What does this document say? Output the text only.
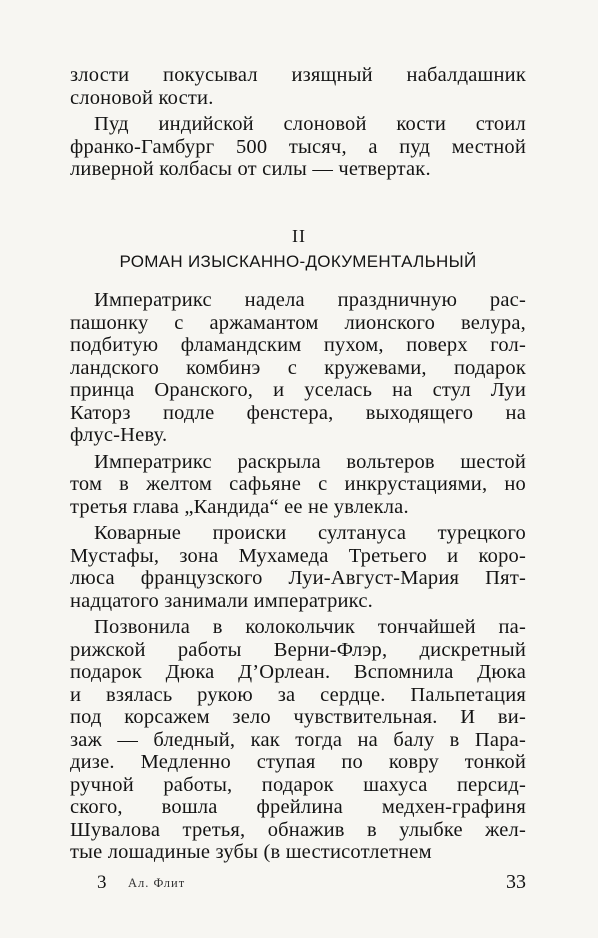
злости покусывал изящный набалдашник
слоновой кости.
Пуд индийской слоновой кости стоил
франко-Гамбург 500 тысяч, а пуд местной
ливерной колбасы от силы — четвертак.
II
РОМАН ИЗЫСКАННО-ДОКУМЕНТАЛЬНЫЙ
Императрикс надела праздничную рас-
пашонку с аржамантом лионского велура,
подбитую фламандским пухом, поверх гол-
ландского комбинэ с кружевами, подарок
принца Оранского, и уселась на стул Луи
Каторз подле фенстера, выходящего на
флус-Неву.
Императрикс раскрыла вольтеров шестой
том в желтом сафьяне с инкрустациями, но
третья глава „Кандида“ ее не увлекла.
Коварные происки султануса турецкого
Мустафы, зона Мухамеда Третьего и коро-
люса французского Луи-Август-Мария Пят-
надцатого занимали императрикс.
Позвонила в колокольчик тончайшей па-
рижской работы Верни-Флэр, дискретный
подарок Дюка Д’Орлеан. Вспомнила Дюка
и взялась рукою за сердце. Пальпетация
под корсажем зело чувствительная. И ви-
заж — бледный, как тогда на балу в Пара-
дизе. Медленно ступая по ковру тонкой
ручной работы, подарок шахуса персид-
ского, вошла фрейлина медхен-графиня
Шувалова третья, обнажив в улыбке жел-
тые лошадиные зубы (в шестисотлетнем
3 Ал. Флит	33
